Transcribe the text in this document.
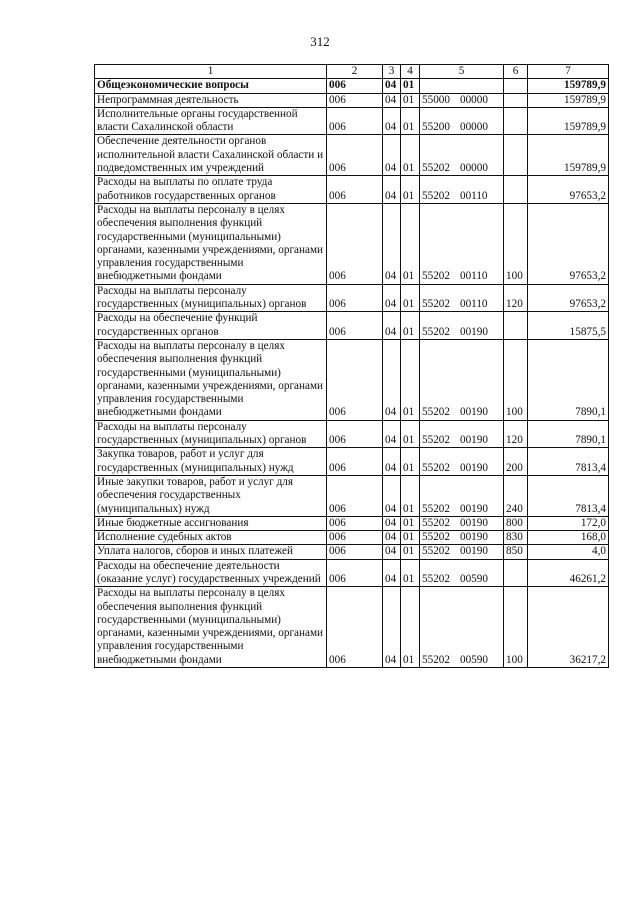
312
1	2	3	4	5	6	7
Общеэкономические вопросы	006	04	01			159789,9
Непрограммная деятельность	006	04	01	55000 00000		159789,9
Исполнительные органы государственной власти Сахалинской области	006	04	01	55200 00000		159789,9
Обеспечение деятельности органов исполнительной власти Сахалинской области и подведомственных им учреждений	006	04	01	55202 00000		159789,9
Расходы на выплаты по оплате труда работников государственных органов	006	04	01	55202 00110		97653,2
Расходы на выплаты персоналу в целях обеспечения выполнения функций государственными (муниципальными) органами, казенными учреждениями, органами управления государственными внебюджетными фондами	006	04	01	55202 00110	100	97653,2
Расходы на выплаты персоналу государственных (муниципальных) органов	006	04	01	55202 00110	120	97653,2
Расходы на обеспечение функций государственных органов	006	04	01	55202 00190		15875,5
Расходы на выплаты персоналу в целях обеспечения выполнения функций государственными (муниципальными) органами, казенными учреждениями, органами управления государственными внебюджетными фондами	006	04	01	55202 00190	100	7890,1
Расходы на выплаты персоналу государственных (муниципальных) органов	006	04	01	55202 00190	120	7890,1
Закупка товаров, работ и услуг для государственных (муниципальных) нужд	006	04	01	55202 00190	200	7813,4
Иные закупки товаров, работ и услуг для обеспечения государственных (муниципальных) нужд	006	04	01	55202 00190	240	7813,4
Иные бюджетные ассигнования	006	04	01	55202 00190	800	172,0
Исполнение судебных актов	006	04	01	55202 00190	830	168,0
Уплата налогов, сборов и иных платежей	006	04	01	55202 00190	850	4,0
Расходы на обеспечение деятельности (оказание услуг) государственных учреждений	006	04	01	55202 00590		46261,2
Расходы на выплаты персоналу в целях обеспечения выполнения функций государственными (муниципальными) органами, казенными учреждениями, органами управления государственными внебюджетными фондами	006	04	01	55202 00590	100	36217,2
